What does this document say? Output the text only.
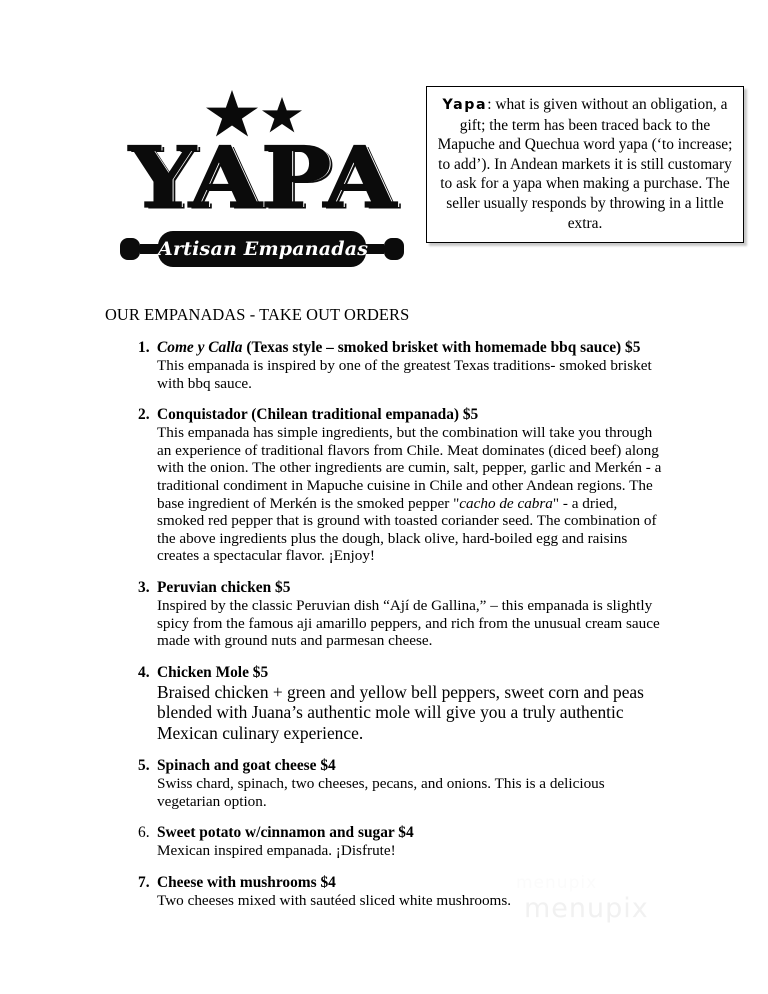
YAPA
Artisan Empanadas
Yapa: what is given without an obligation, a gift; the term has been traced back to the Mapuche and Quechua word yapa (‘to increase; to add’). In Andean markets it is still customary to ask for a yapa when making a purchase. The seller usually responds by throwing in a little extra.
OUR EMPANADAS - TAKE OUT ORDERS
1. Come y Calla (Texas style – smoked brisket with homemade bbq sauce) $5
This empanada is inspired by one of the greatest Texas traditions- smoked brisket with bbq sauce.
2. Conquistador (Chilean traditional empanada) $5
This empanada has simple ingredients, but the combination will take you through an experience of traditional flavors from Chile. Meat dominates (diced beef) along with the onion. The other ingredients are cumin, salt, pepper, garlic and Merkén - a traditional condiment in Mapuche cuisine in Chile and other Andean regions. The base ingredient of Merkén is the smoked pepper "cacho de cabra" - a dried, smoked red pepper that is ground with toasted coriander seed. The combination of the above ingredients plus the dough, black olive, hard-boiled egg and raisins creates a spectacular flavor. ¡Enjoy!
3. Peruvian chicken $5
Inspired by the classic Peruvian dish “Ají de Gallina,” – this empanada is slightly spicy from the famous aji amarillo peppers, and rich from the unusual cream sauce made with ground nuts and parmesan cheese.
4. Chicken Mole $5
Braised chicken + green and yellow bell peppers, sweet corn and peas blended with Juana’s authentic mole will give you a truly authentic Mexican culinary experience.
5. Spinach and goat cheese $4
Swiss chard, spinach, two cheeses, pecans, and onions. This is a delicious vegetarian option.
6. Sweet potato w/cinnamon and sugar $4
Mexican inspired empanada. ¡Disfrute!
7. Cheese with mushrooms $4
Two cheeses mixed with sautéed sliced white mushrooms.
menupix
menupix
